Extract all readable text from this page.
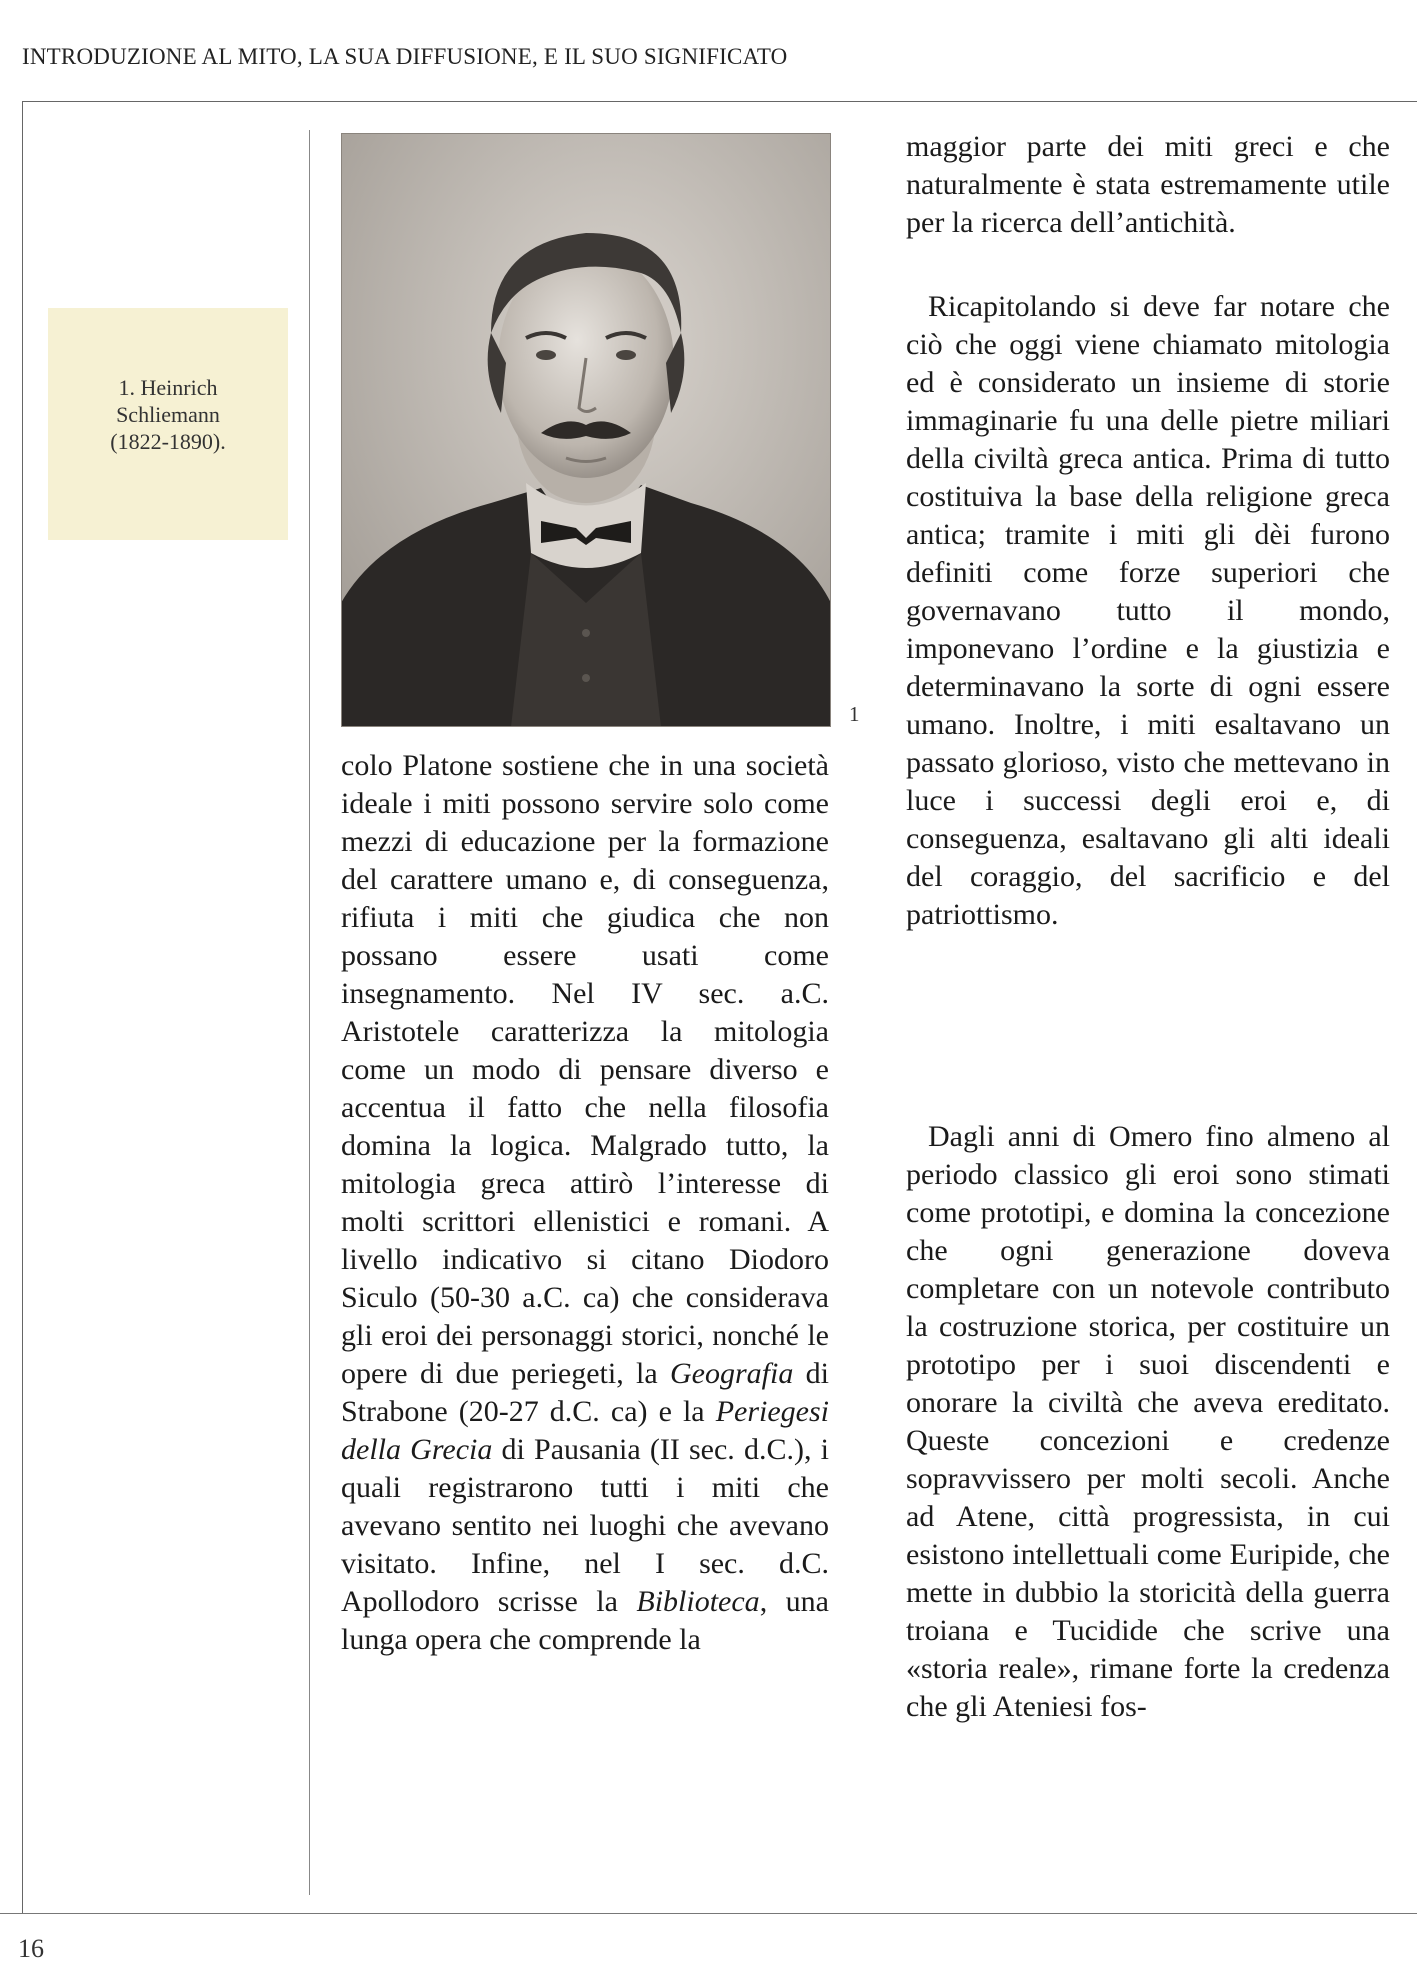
INTRODUZIONE AL MITO, LA SUA DIFFUSIONE, E IL SUO SIGNIFICATO
1. Heinrich
Schliemann
(1822-1890).
1

colo Platone sostiene che in una società ideale i miti possono servire solo come mezzi di educazione per la formazione del carattere umano e, di conseguenza, rifiuta i miti che giudica che non possano essere usati come insegnamento. Nel IV sec. a.C. Aristotele caratterizza la mitologia come un modo di pensare diverso e accentua il fatto che nella filosofia domina la logica. Malgrado tutto, la mitologia greca attirò l’interesse di molti scrittori ellenistici e romani. A livello indicativo si citano Diodoro Siculo (50-30 a.C. ca) che considerava gli eroi dei personaggi storici, nonché le opere di due periegeti, la Geografia di Strabone (20-27 d.C. ca) e la Periegesi della Grecia di Pausania (II sec. d.C.), i quali registrarono tutti i miti che avevano sentito nei luoghi che avevano visitato. Infine, nel I sec. d.C. Apollodoro scrisse la Biblioteca, una lunga opera che comprende la

maggior parte dei miti greci e che naturalmente è stata estremamente utile per la ricerca dell’antichità.

Ricapitolando si deve far notare che ciò che oggi viene chiamato mitologia ed è considerato un insieme di storie immaginarie fu una delle pietre miliari della civiltà greca antica. Prima di tutto costituiva la base della religione greca antica; tramite i miti gli dèi furono definiti come forze superiori che governavano tutto il mondo, imponevano l’ordine e la giustizia e determinavano la sorte di ogni essere umano. Inoltre, i miti esaltavano un passato glorioso, visto che mettevano in luce i successi degli eroi e, di conseguenza, esaltavano gli alti ideali del coraggio, del sacrificio e del patriottismo.

Dagli anni di Omero fino almeno al periodo classico gli eroi sono stimati come prototipi, e domina la concezione che ogni generazione doveva completare con un notevole contributo la costruzione storica, per costituire un prototipo per i suoi discendenti e onorare la civiltà che aveva ereditato. Queste concezioni e credenze sopravvissero per molti secoli. Anche ad Atene, città progressista, in cui esistono intellettuali come Euripide, che mette in dubbio la storicità della guerra troiana e Tucidide che scrive una «storia reale», rimane forte la credenza che gli Ateniesi fos-

16
